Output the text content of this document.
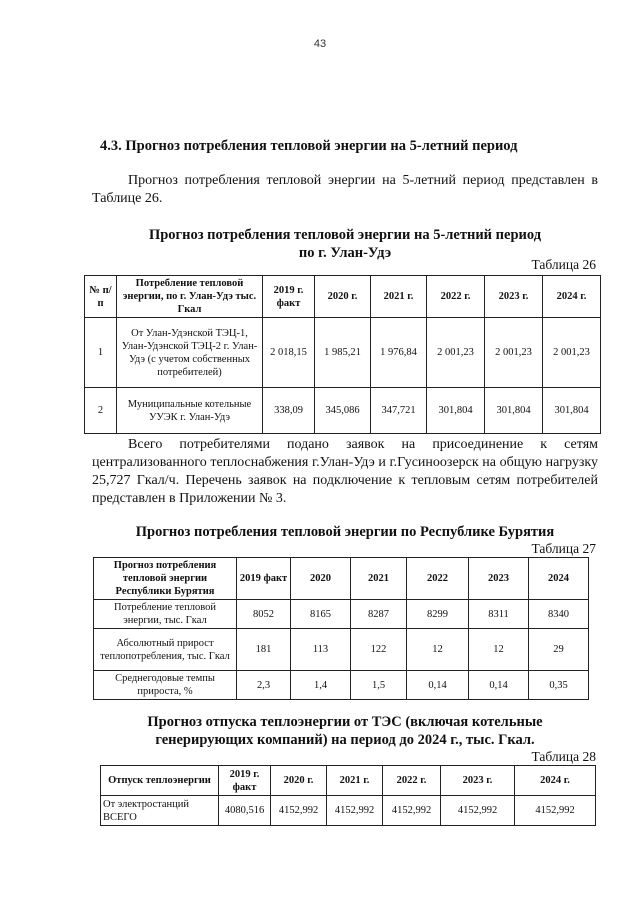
43
4.3. Прогноз потребления тепловой энергии на 5-летний период
Прогноз потребления тепловой энергии на 5-летний период представлен в Таблице 26.
Прогноз потребления тепловой энергии на 5-летний период
по г. Улан-Удэ
Таблица 26
№ п/п	Потребление тепловой энергии, по г. Улан-Удэ тыс. Гкал	2019 г. факт	2020 г.	2021 г.	2022 г.	2023 г.	2024 г.
1	От Улан-Удэнской ТЭЦ-1, Улан-Удэнской ТЭЦ-2 г. Улан-Удэ (с учетом собственных потребителей)	2 018,15	1 985,21	1 976,84	2 001,23	2 001,23	2 001,23
2	Муниципальные котельные УУЭК г. Улан-Удэ	338,09	345,086	347,721	301,804	301,804	301,804
Всего потребителями подано заявок на присоединение к сетям централизованного теплоснабжения г.Улан-Удэ и г.Гусиноозерск на общую нагрузку 25,727 Гкал/ч. Перечень заявок на подключение к тепловым сетям потребителей представлен в Приложении № 3.
Прогноз потребления тепловой энергии по Республике Бурятия
Таблица 27
Прогноз потребления тепловой энергии Республики Бурятия	2019 факт	2020	2021	2022	2023	2024
Потребление тепловой энергии, тыс. Гкал	8052	8165	8287	8299	8311	8340
Абсолютный прирост теплопотребления, тыс. Гкал	181	113	122	12	12	29
Среднегодовые темпы прироста, %	2,3	1,4	1,5	0,14	0,14	0,35
Прогноз отпуска теплоэнергии от ТЭС (включая котельные
генерирующих компаний) на период до 2024 г., тыс. Гкал.
Таблица 28
Отпуск теплоэнергии	2019 г. факт	2020 г.	2021 г.	2022 г.	2023 г.	2024 г.
От электростанций ВСЕГО	4080,516	4152,992	4152,992	4152,992	4152,992	4152,992
